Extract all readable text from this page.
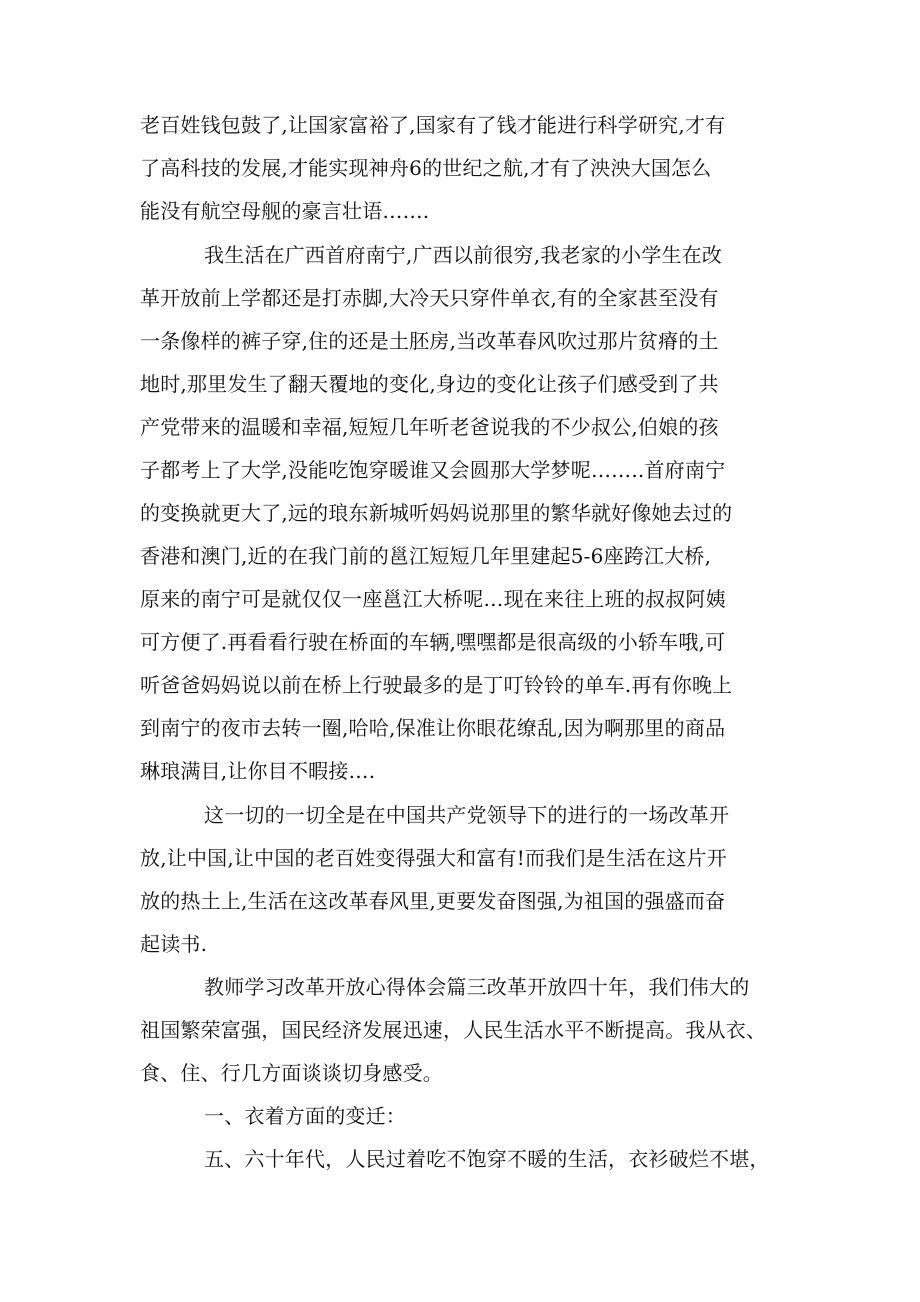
老百姓钱包鼓了,让国家富裕了,国家有了钱才能进行科学研究,才有
了高科技的发展,才能实现神舟6的世纪之航,才有了泱泱大国怎么
能没有航空母舰的豪言壮语…….
我生活在广西首府南宁,广西以前很穷,我老家的小学生在改
革开放前上学都还是打赤脚,大冷天只穿件单衣,有的全家甚至没有
一条像样的裤子穿,住的还是土胚房,当改革春风吹过那片贫瘠的土
地时,那里发生了翻天覆地的变化,身边的变化让孩子们感受到了共
产党带来的温暖和幸福,短短几年听老爸说我的不少叔公,伯娘的孩
子都考上了大学,没能吃饱穿暖谁又会圆那大学梦呢……..首府南宁
的变换就更大了,远的琅东新城听妈妈说那里的繁华就好像她去过的
香港和澳门,近的在我门前的邕江短短几年里建起5-6座跨江大桥,
原来的南宁可是就仅仅一座邕江大桥呢…现在来往上班的叔叔阿姨
可方便了.再看看行驶在桥面的车辆,嘿嘿都是很高级的小轿车哦,可
听爸爸妈妈说以前在桥上行驶最多的是丁叮铃铃的单车.再有你晚上
到南宁的夜市去转一圈,哈哈,保准让你眼花缭乱,因为啊那里的商品
琳琅满目,让你目不暇接….
这一切的一切全是在中国共产党领导下的进行的一场改革开
放,让中国,让中国的老百姓变得强大和富有!而我们是生活在这片开
放的热土上,生活在这改革春风里,更要发奋图强,为祖国的强盛而奋
起读书.
教师学习改革开放心得体会篇三改革开放四十年，我们伟大的
祖国繁荣富强，国民经济发展迅速，人民生活水平不断提高。我从衣、
食、住、行几方面谈谈切身感受。
一、衣着方面的变迁：
五、六十年代，人民过着吃不饱穿不暖的生活，衣衫破烂不堪，
